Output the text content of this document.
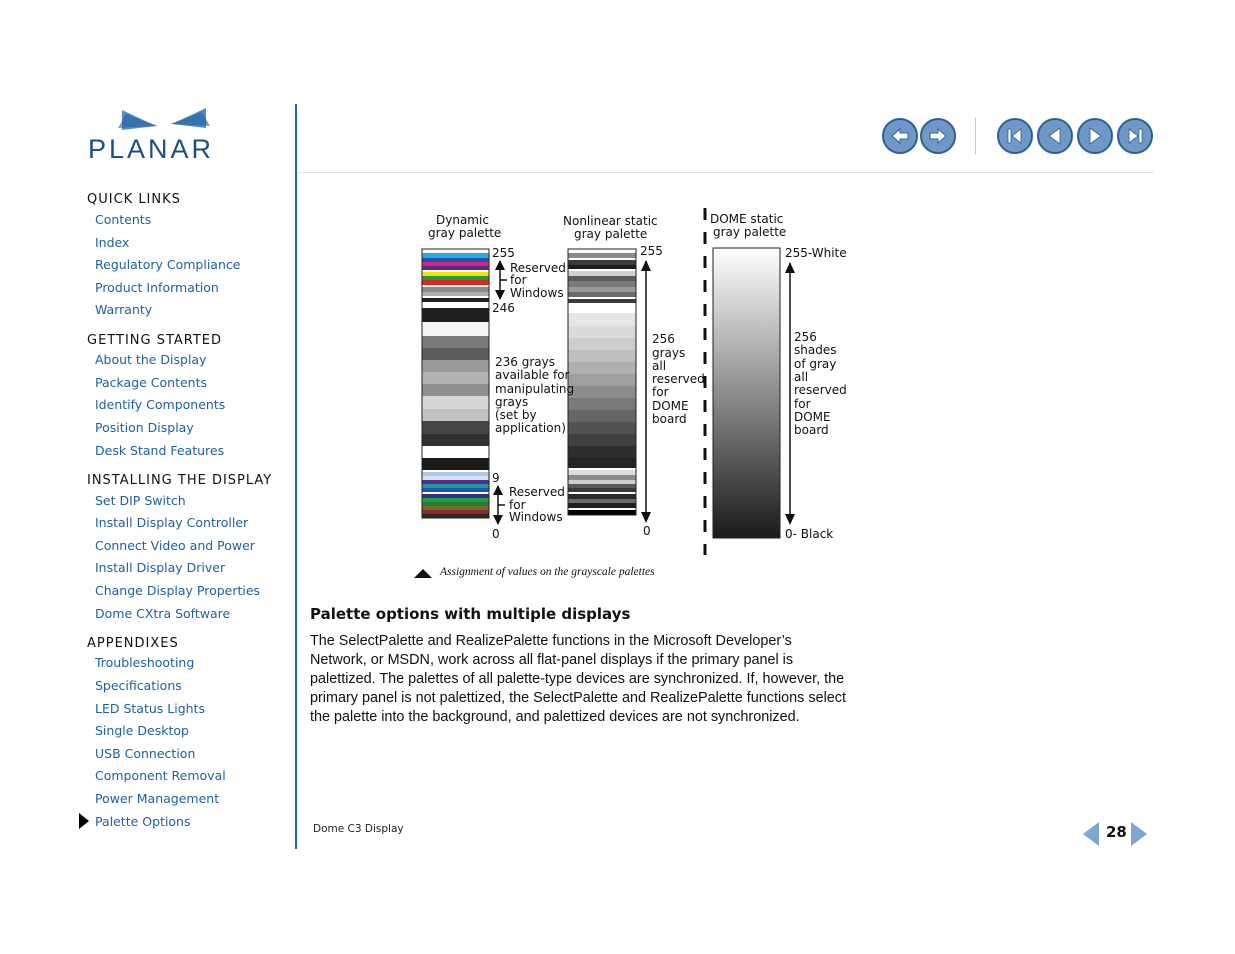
PLANAR
QUICK LINKS
Contents
Index
Regulatory Compliance
Product Information
Warranty
GETTING STARTED
About the Display
Package Contents
Identify Components
Position Display
Desk Stand Features
INSTALLING THE DISPLAY
Set DIP Switch
Install Display Controller
Connect Video and Power
Install Display Driver
Change Display Properties
Dome CXtra Software
APPENDIXES
Troubleshooting
Specifications
LED Status Lights
Single Desktop
USB Connection
Component Removal
Power Management
Palette Options
Dynamic
gray palette
Nonlinear static
gray palette
DOME static
gray palette
255
246
9
0
Reserved
for
Windows
236 grays
available for
manipulating
grays
(set by
application)
Reserved
for
Windows
255
0
256
grays
all
reserved
for
DOME
board
255-White
0- Black
256
shades
of gray
all
reserved
for
DOME
board
Assignment of values on the grayscale palettes
Palette options with multiple displays
The SelectPalette and RealizePalette functions in the Microsoft Developer’s Network, or MSDN, work across all flat-panel displays if the primary panel is palettized. The palettes of all palette-type devices are synchronized. If, however, the primary panel is not palettized, the SelectPalette and RealizePalette functions select the palette into the background, and palettized devices are not synchronized.
Dome C3 Display	28
